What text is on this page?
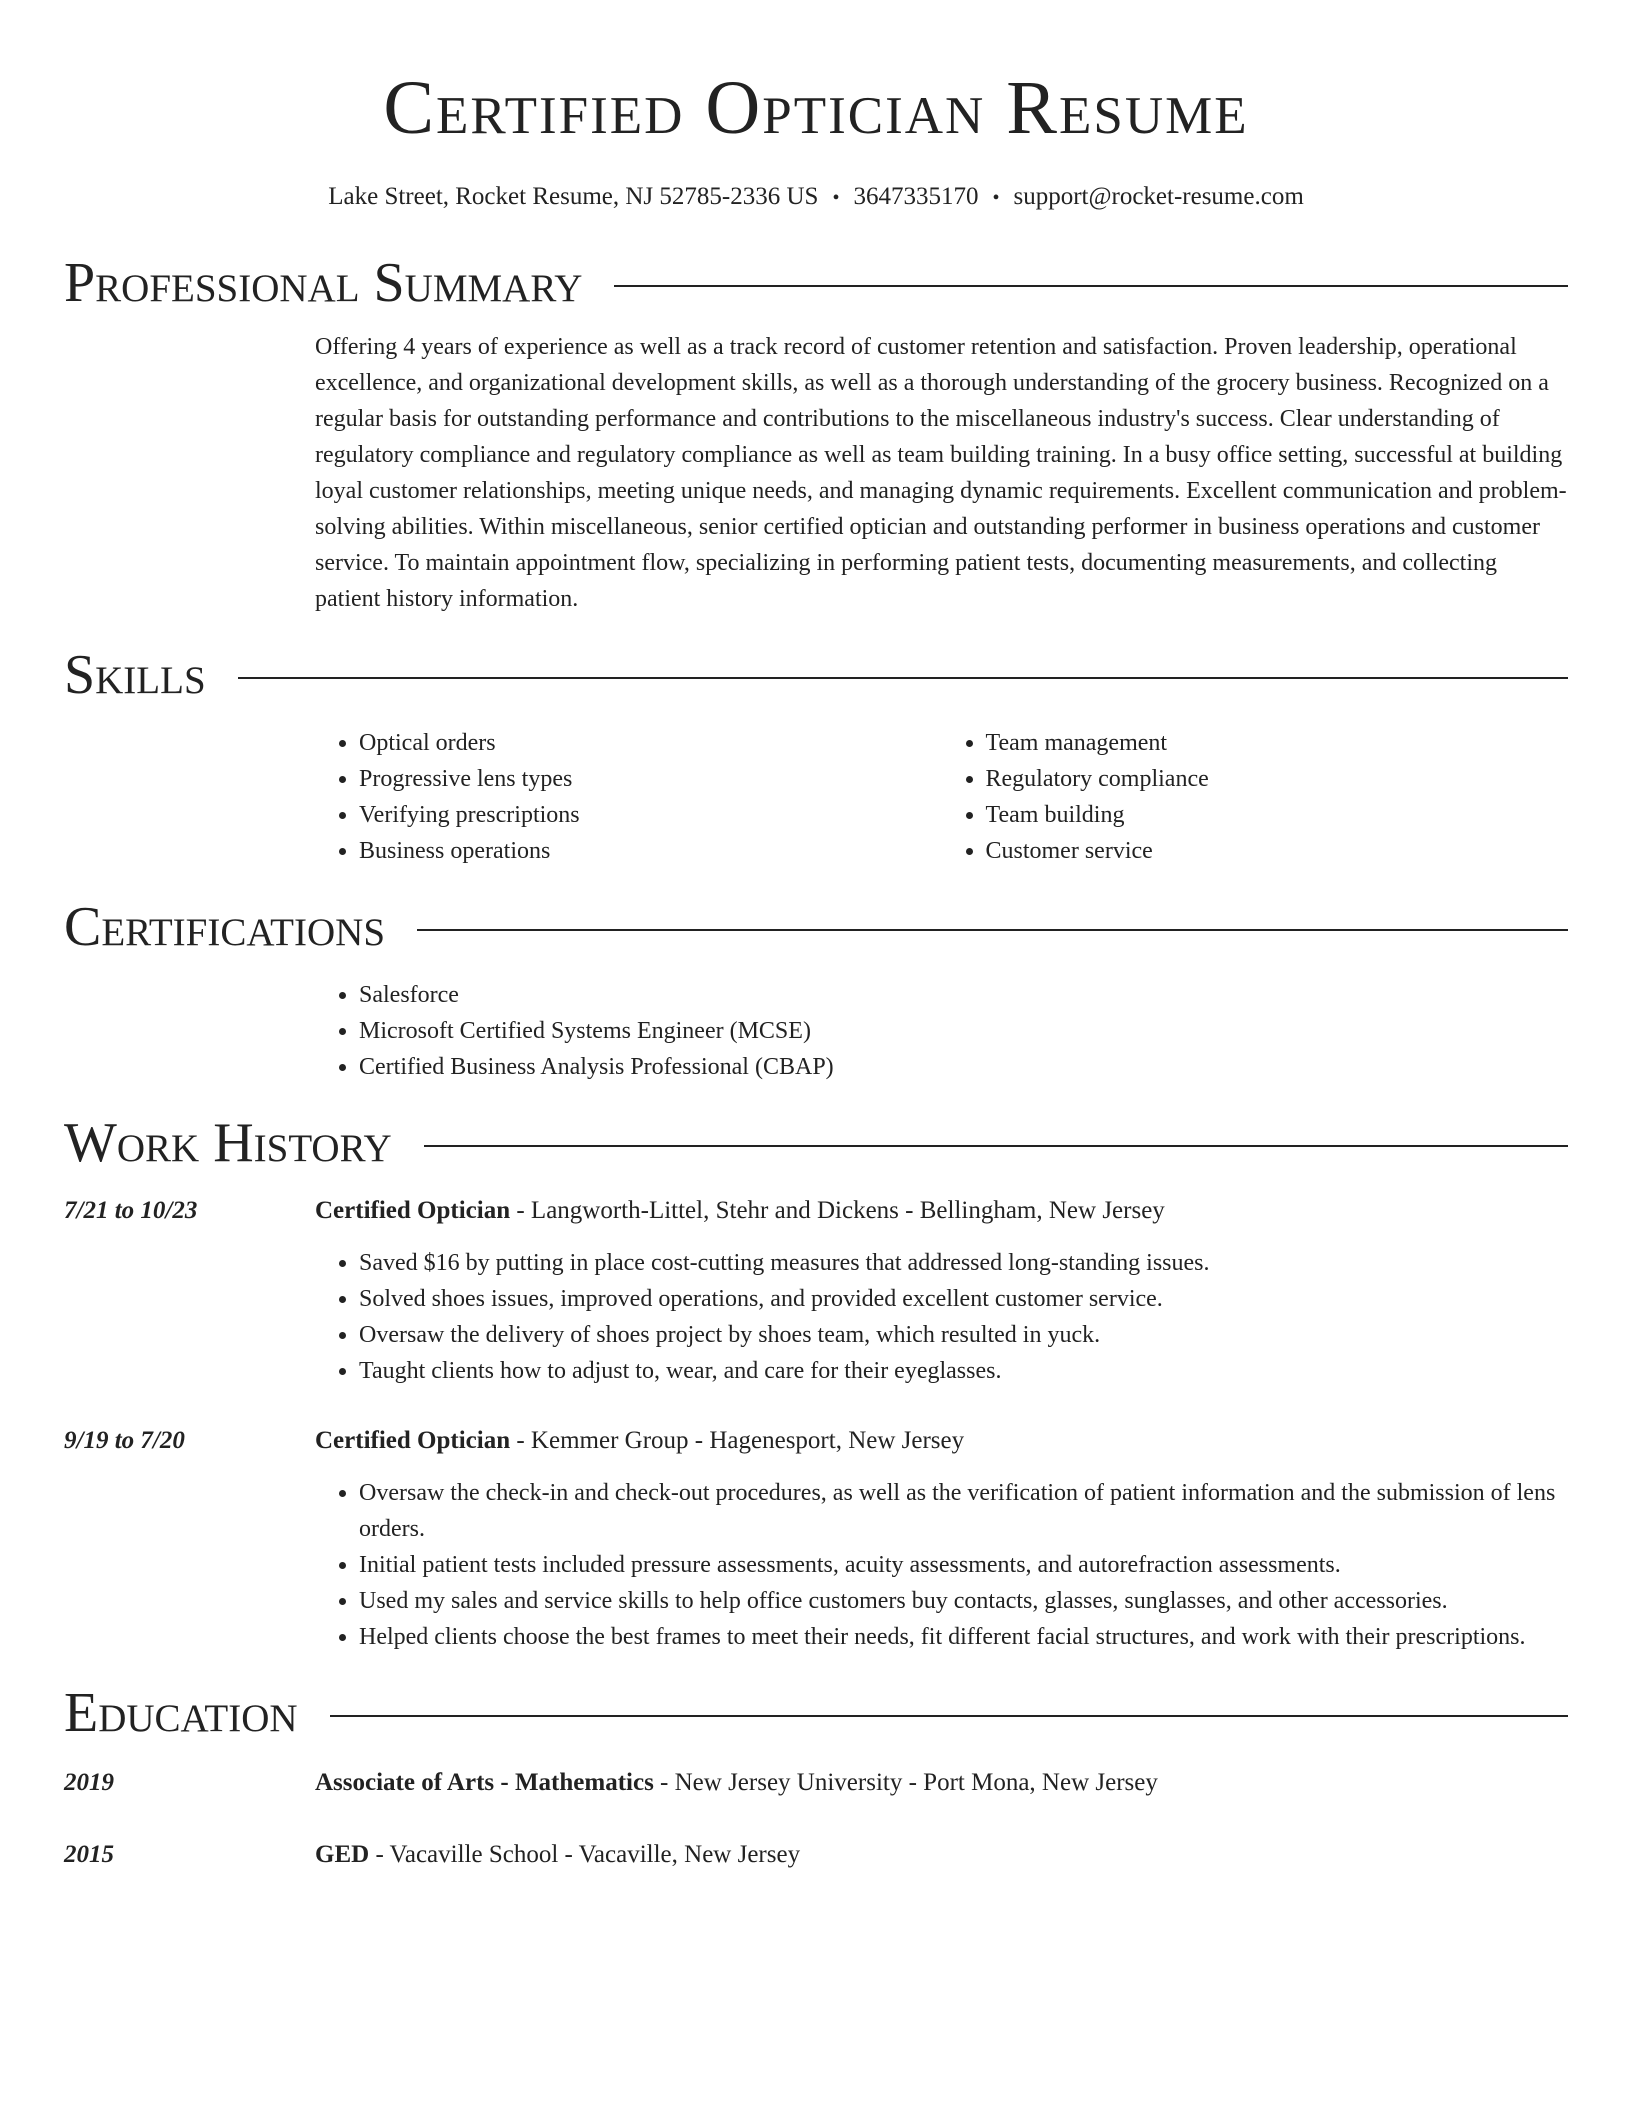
Certified Optician Resume
Lake Street, Rocket Resume, NJ 52785-2336 US • 3647335170 • support@rocket-resume.com
Professional Summary
Offering 4 years of experience as well as a track record of customer retention and satisfaction. Proven leadership, operational excellence, and organizational development skills, as well as a thorough understanding of the grocery business. Recognized on a regular basis for outstanding performance and contributions to the miscellaneous industry's success. Clear understanding of regulatory compliance and regulatory compliance as well as team building training. In a busy office setting, successful at building loyal customer relationships, meeting unique needs, and managing dynamic requirements. Excellent communication and problem-solving abilities. Within miscellaneous, senior certified optician and outstanding performer in business operations and customer service. To maintain appointment flow, specializing in performing patient tests, documenting measurements, and collecting patient history information.
Skills
• Optical orders
• Progressive lens types
• Verifying prescriptions
• Business operations
• Team management
• Regulatory compliance
• Team building
• Customer service
Certifications
• Salesforce
• Microsoft Certified Systems Engineer (MCSE)
• Certified Business Analysis Professional (CBAP)
Work History
7/21 to 10/23	Certified Optician - Langworth-Littel, Stehr and Dickens - Bellingham, New Jersey
• Saved $16 by putting in place cost-cutting measures that addressed long-standing issues.
• Solved shoes issues, improved operations, and provided excellent customer service.
• Oversaw the delivery of shoes project by shoes team, which resulted in yuck.
• Taught clients how to adjust to, wear, and care for their eyeglasses.
9/19 to 7/20	Certified Optician - Kemmer Group - Hagenesport, New Jersey
• Oversaw the check-in and check-out procedures, as well as the verification of patient information and the submission of lens orders.
• Initial patient tests included pressure assessments, acuity assessments, and autorefraction assessments.
• Used my sales and service skills to help office customers buy contacts, glasses, sunglasses, and other accessories.
• Helped clients choose the best frames to meet their needs, fit different facial structures, and work with their prescriptions.
Education
2019	Associate of Arts - Mathematics - New Jersey University - Port Mona, New Jersey
2015	GED - Vacaville School - Vacaville, New Jersey
